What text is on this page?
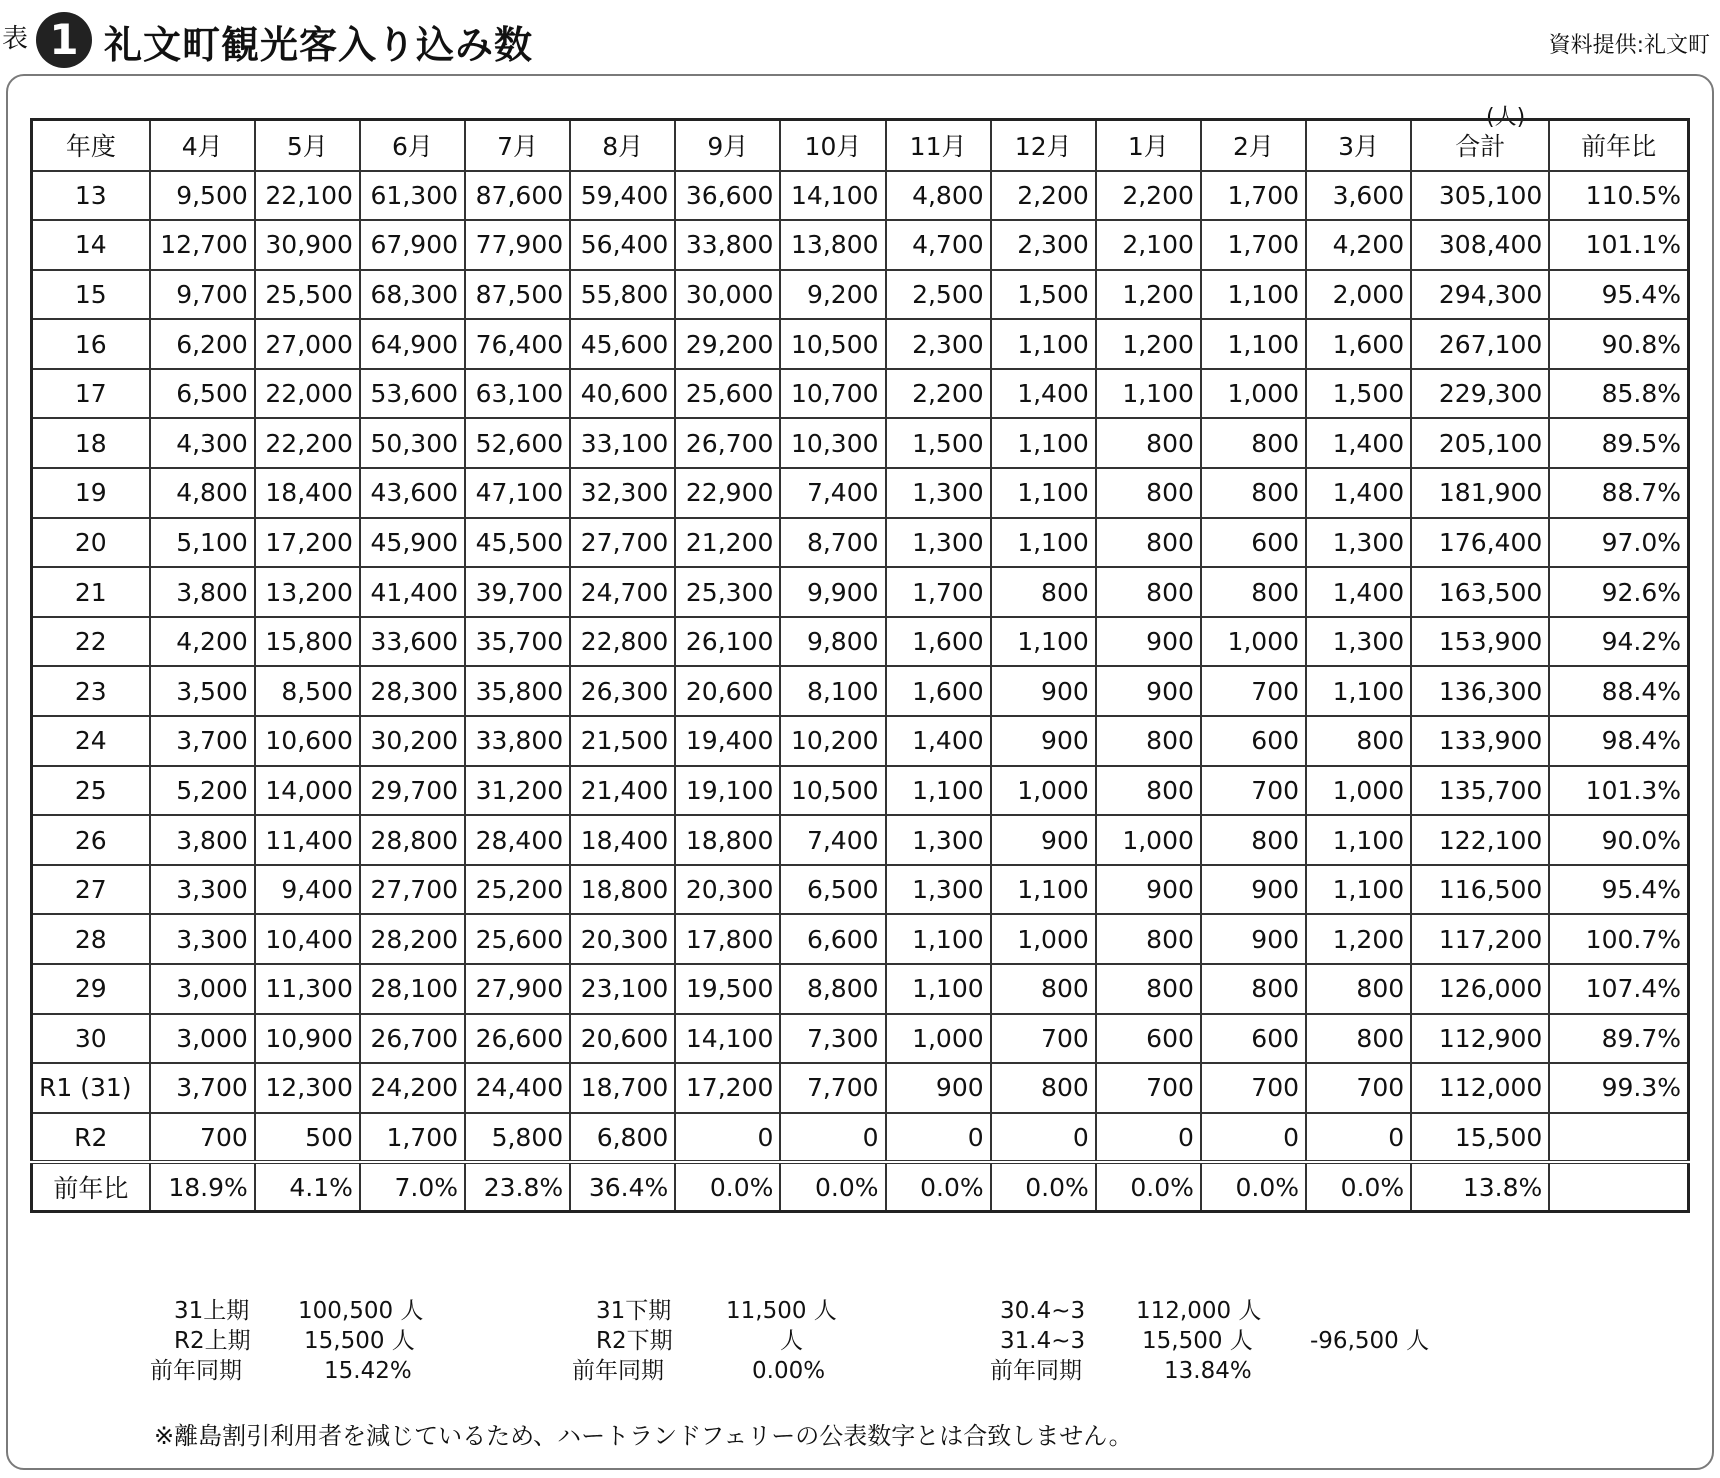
表 1 礼文町観光客入り込み数	資料提供:礼文町
(人)
年度	4月	5月	6月	7月	8月	9月	10月	11月	12月	1月	2月	3月	合計	前年比
13	9,500	22,100	61,300	87,600	59,400	36,600	14,100	4,800	2,200	2,200	1,700	3,600	305,100	110.5%
14	12,700	30,900	67,900	77,900	56,400	33,800	13,800	4,700	2,300	2,100	1,700	4,200	308,400	101.1%
15	9,700	25,500	68,300	87,500	55,800	30,000	9,200	2,500	1,500	1,200	1,100	2,000	294,300	95.4%
16	6,200	27,000	64,900	76,400	45,600	29,200	10,500	2,300	1,100	1,200	1,100	1,600	267,100	90.8%
17	6,500	22,000	53,600	63,100	40,600	25,600	10,700	2,200	1,400	1,100	1,000	1,500	229,300	85.8%
18	4,300	22,200	50,300	52,600	33,100	26,700	10,300	1,500	1,100	800	800	1,400	205,100	89.5%
19	4,800	18,400	43,600	47,100	32,300	22,900	7,400	1,300	1,100	800	800	1,400	181,900	88.7%
20	5,100	17,200	45,900	45,500	27,700	21,200	8,700	1,300	1,100	800	600	1,300	176,400	97.0%
21	3,800	13,200	41,400	39,700	24,700	25,300	9,900	1,700	800	800	800	1,400	163,500	92.6%
22	4,200	15,800	33,600	35,700	22,800	26,100	9,800	1,600	1,100	900	1,000	1,300	153,900	94.2%
23	3,500	8,500	28,300	35,800	26,300	20,600	8,100	1,600	900	900	700	1,100	136,300	88.4%
24	3,700	10,600	30,200	33,800	21,500	19,400	10,200	1,400	900	800	600	800	133,900	98.4%
25	5,200	14,000	29,700	31,200	21,400	19,100	10,500	1,100	1,000	800	700	1,000	135,700	101.3%
26	3,800	11,400	28,800	28,400	18,400	18,800	7,400	1,300	900	1,000	800	1,100	122,100	90.0%
27	3,300	9,400	27,700	25,200	18,800	20,300	6,500	1,300	1,100	900	900	1,100	116,500	95.4%
28	3,300	10,400	28,200	25,600	20,300	17,800	6,600	1,100	1,000	800	900	1,200	117,200	100.7%
29	3,000	11,300	28,100	27,900	23,100	19,500	8,800	1,100	800	800	800	800	126,000	107.4%
30	3,000	10,900	26,700	26,600	20,600	14,100	7,300	1,000	700	600	600	800	112,900	89.7%
R1 (31)	3,700	12,300	24,200	24,400	18,700	17,200	7,700	900	800	700	700	700	112,000	99.3%
R2	700	500	1,700	5,800	6,800	0	0	0	0	0	0	0	15,500	
前年比	18.9%	4.1%	7.0%	23.8%	36.4%	0.0%	0.0%	0.0%	0.0%	0.0%	0.0%	0.0%	13.8%	
31上期 100,500 人	31下期 11,500 人	30.4~3 112,000 人
R2上期 15,500 人	R2下期	人	31.4~3 15,500 人 -96,500 人
前年同期	15.42%	前年同期	0.00%	前年同期	13.84%
※離島割引利用者を減じているため、ハートランドフェリーの公表数字とは合致しません。
